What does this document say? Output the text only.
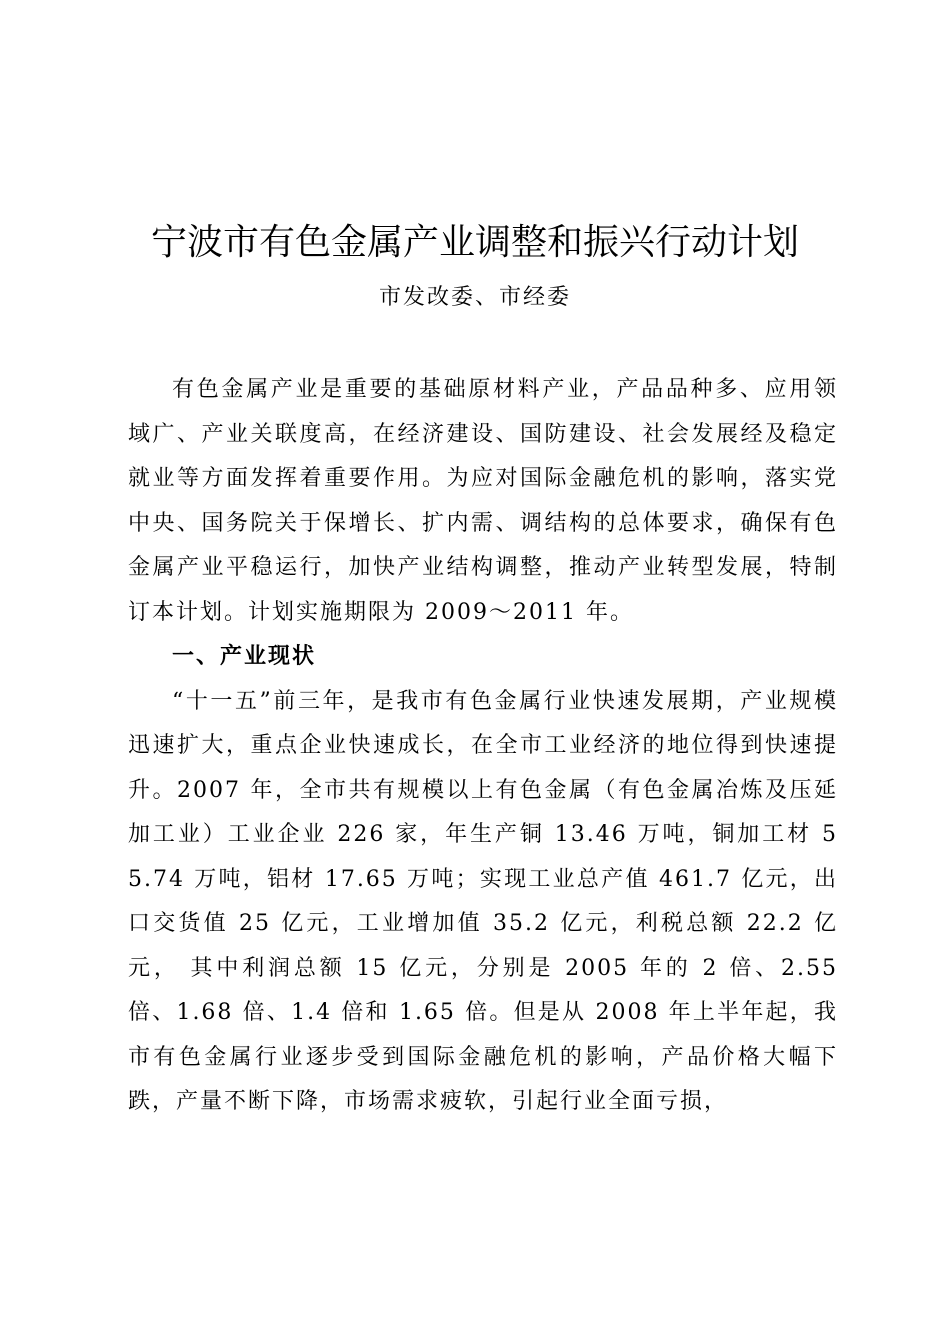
宁波市有色金属产业调整和振兴行动计划
市发改委、市经委

有色金属产业是重要的基础原材料产业，产品品种多、应用领域广、产业关联度高，在经济建设、国防建设、社会发展经及稳定就业等方面发挥着重要作用。为应对国际金融危机的影响，落实党中央、国务院关于保增长、扩内需、调结构的总体要求，确保有色金属产业平稳运行，加快产业结构调整，推动产业转型发展，特制订本计划。计划实施期限为 2009～2011 年。

一、产业现状

“十一五”前三年，是我市有色金属行业快速发展期，产业规模迅速扩大，重点企业快速成长，在全市工业经济的地位得到快速提升。2007 年，全市共有规模以上有色金属（有色金属冶炼及压延加工业）工业企业 226 家，年生产铜 13.46 万吨，铜加工材 55.74 万吨，铝材 17.65 万吨；实现工业总产值 461.7 亿元，出口交货值 25 亿元，工业增加值 35.2 亿元，利税总额 22.2 亿元， 其中利润总额 15 亿元，分别是 2005 年的 2 倍、2.55 倍、1.68 倍、1.4 倍和 1.65 倍。但是从 2008 年上半年起，我市有色金属行业逐步受到国际金融危机的影响，产品价格大幅下跌，产量不断下降，市场需求疲软，引起行业全面亏损，
